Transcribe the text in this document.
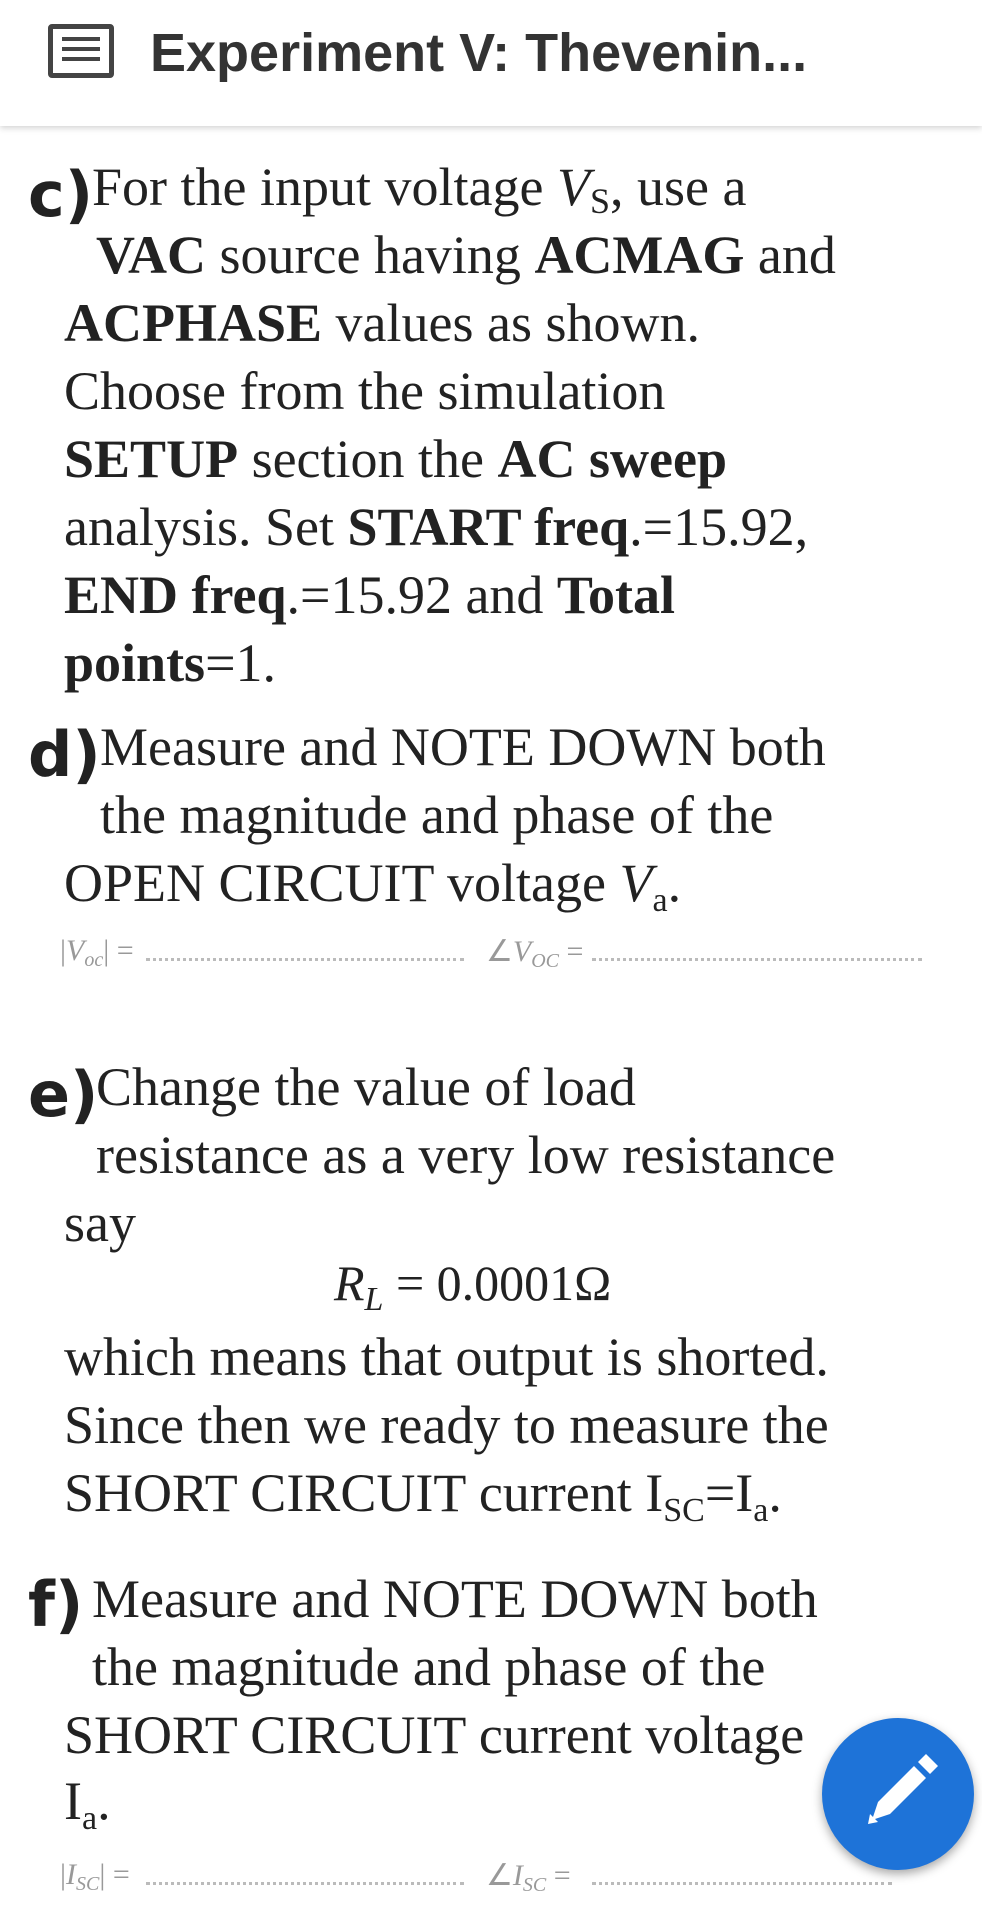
Experiment V: Thevenin...
c)
For the input voltage $V_S$, use a
VAC source having ACMAG and
ACPHASE values as shown.
Choose from the simulation
SETUP section the AC sweep
analysis. Set START freq.=15.92,
END freq.=15.92 and Total
points=1.
d) Measure and NOTE DOWN both
the magnitude and phase of the
OPEN CIRCUIT voltage Va.
$|V_{oc}|$ =	$\angle V_{OC}$ =
e)
Change the value of load
resistance as a very low resistance
say
$R_L = 0.0001\Omega$
which means that output is shorted.
Since then we ready to measure the
SHORT CIRCUIT current ISC=Ia.
f) Measure and NOTE DOWN both
the magnitude and phase of the
SHORT CIRCUIT current voltage
Ia.
$|I_{SC}|$ =	$\angle I_{SC}$ =
